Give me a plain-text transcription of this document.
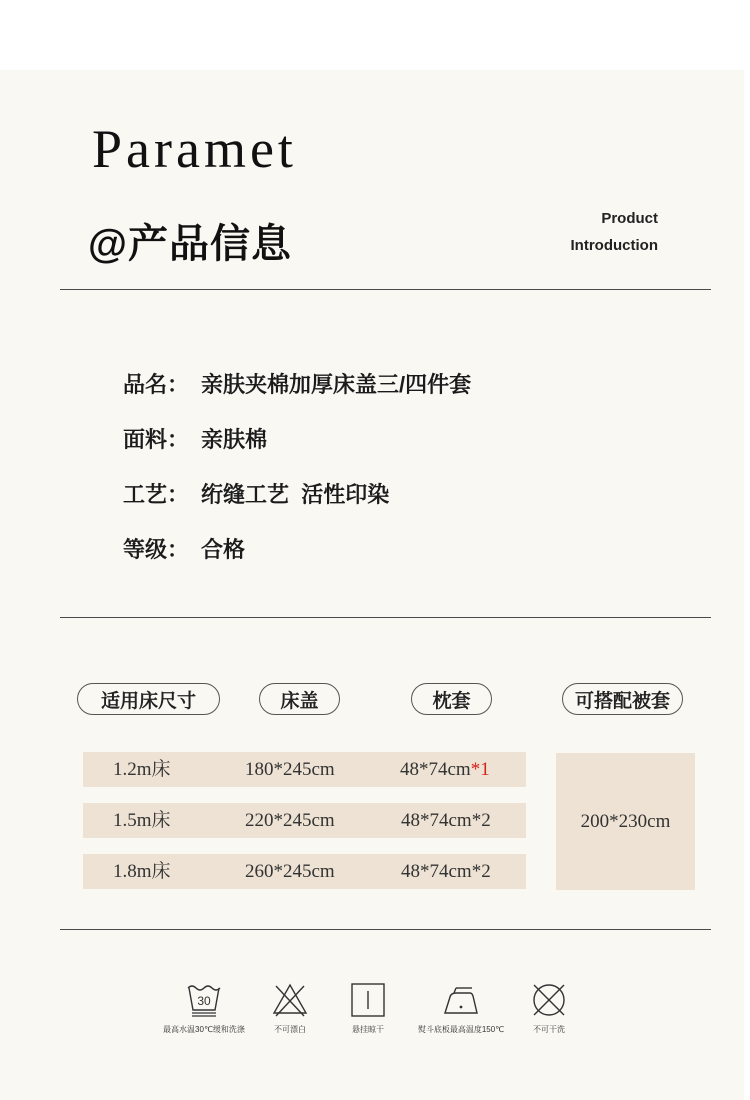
Paramet
@产品信息
Product
Introduction
品名： 亲肤夹棉加厚床盖三/四件套
面料： 亲肤棉
工艺： 绗缝工艺  活性印染
等级： 合格
适用床尺寸	床盖	枕套	可搭配被套
1.2m床	180*245cm	48*74cm*1
1.5m床	220*245cm	48*74cm*2
1.8m床	260*245cm	48*74cm*2
200*230cm
30
最高水温30℃缓和洗涤	不可漂白	悬挂晾干	熨斗底板最高温度150℃	不可干洗
